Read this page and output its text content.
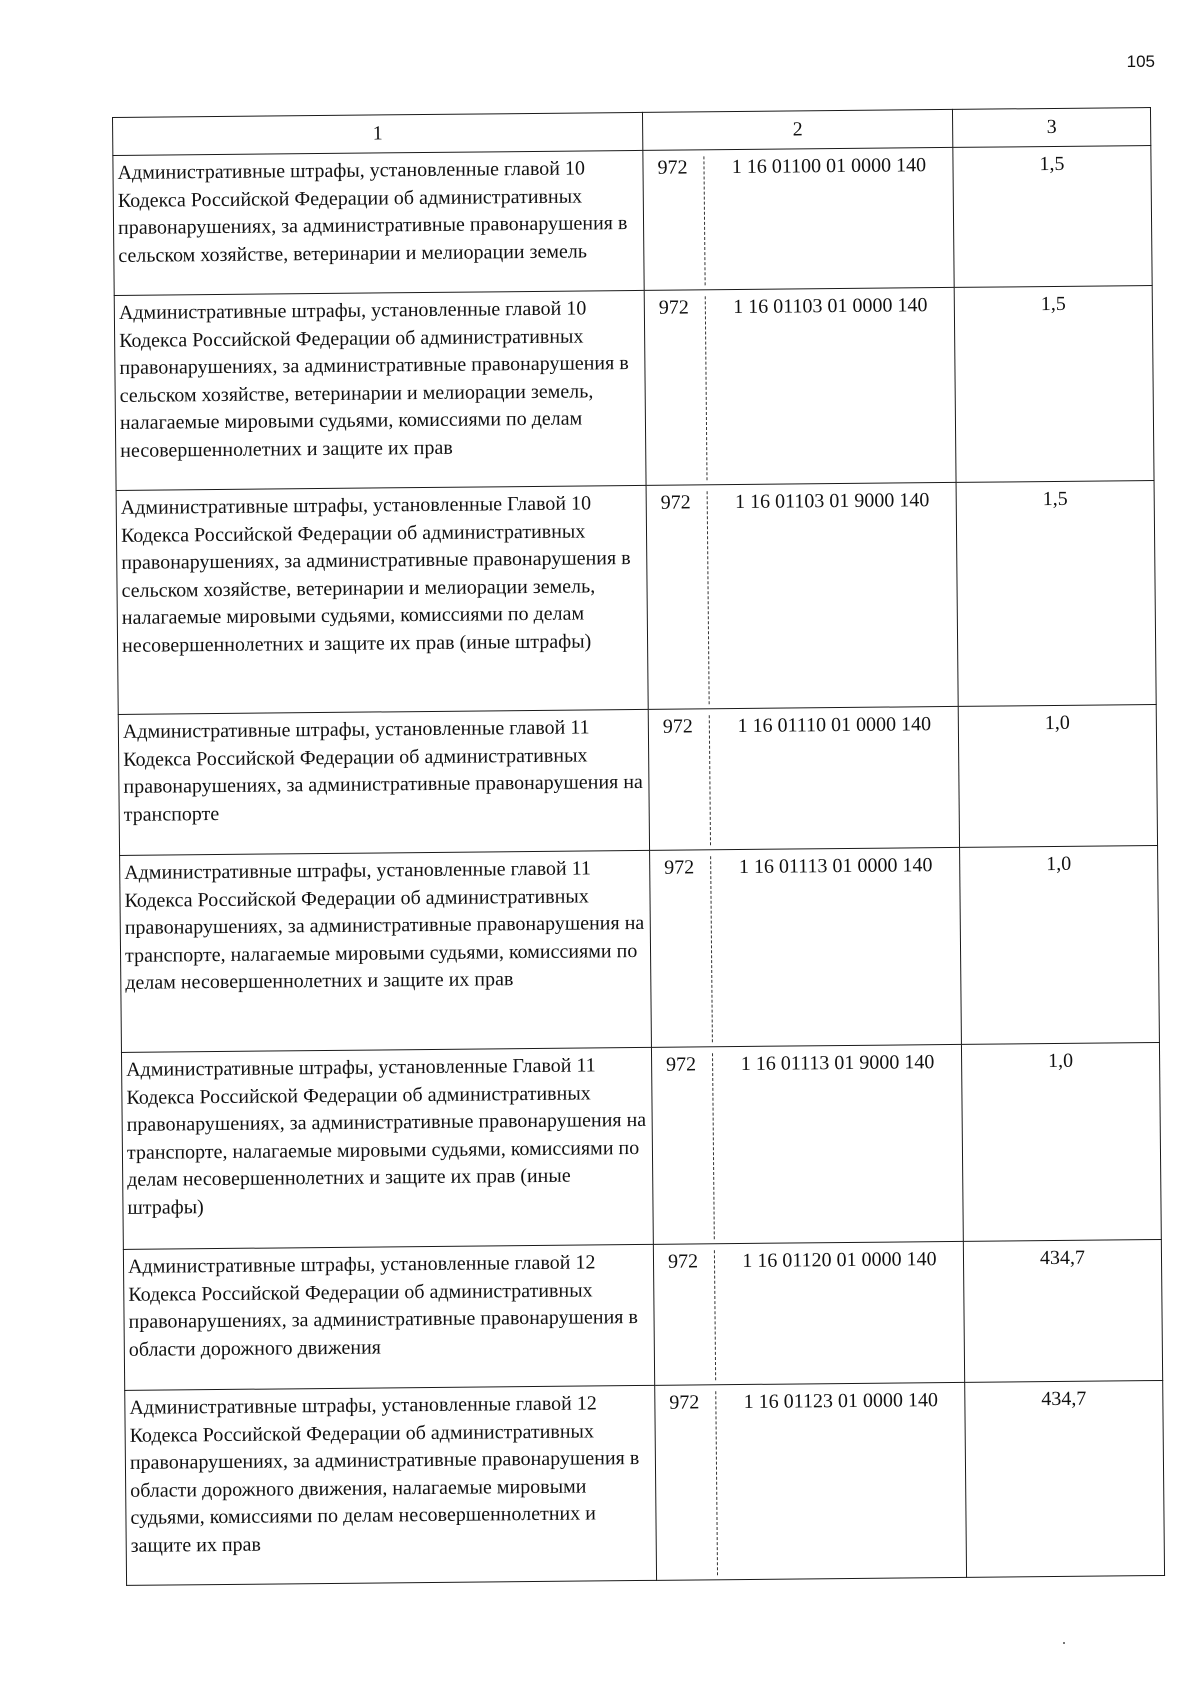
105
1	2	3
Административные штрафы, установленные главой 10 Кодекса Российской Федерации об административных правонарушениях, за административные правонарушения в сельском хозяйстве, ветеринарии и мелиорации земель	972 1 16 01100 01 0000 140	1,5
Административные штрафы, установленные главой 10 Кодекса Российской Федерации об административных правонарушениях, за административные правонарушения в сельском хозяйстве, ветеринарии и мелиорации земель, налагаемые мировыми судьями, комиссиями по делам несовершеннолетних и защите их прав	972 1 16 01103 01 0000 140	1,5
Административные штрафы, установленные Главой 10 Кодекса Российской Федерации об административных правонарушениях, за административные правонарушения в сельском хозяйстве, ветеринарии и мелиорации земель, налагаемые мировыми судьями, комиссиями по делам несовершеннолетних и защите их прав (иные штрафы)	972 1 16 01103 01 9000 140	1,5
Административные штрафы, установленные главой 11 Кодекса Российской Федерации об административных правонарушениях, за административные правонарушения на транспорте	972 1 16 01110 01 0000 140	1,0
Административные штрафы, установленные главой 11 Кодекса Российской Федерации об административных правонарушениях, за административные правонарушения на транспорте, налагаемые мировыми судьями, комиссиями по делам несовершеннолетних и защите их прав	972 1 16 01113 01 0000 140	1,0
Административные штрафы, установленные Главой 11 Кодекса Российской Федерации об административных правонарушениях, за административные правонарушения на транспорте, налагаемые мировыми судьями, комиссиями по делам несовершеннолетних и защите их прав (иные штрафы)	972 1 16 01113 01 9000 140	1,0
Административные штрафы, установленные главой 12 Кодекса Российской Федерации об административных правонарушениях, за административные правонарушения в области дорожного движения	972 1 16 01120 01 0000 140	434,7
Административные штрафы, установленные главой 12 Кодекса Российской Федерации об административных правонарушениях, за административные правонарушения в области дорожного движения, налагаемые мировыми судьями, комиссиями по делам несовершеннолетних и защите их прав	972 1 16 01123 01 0000 140	434,7
